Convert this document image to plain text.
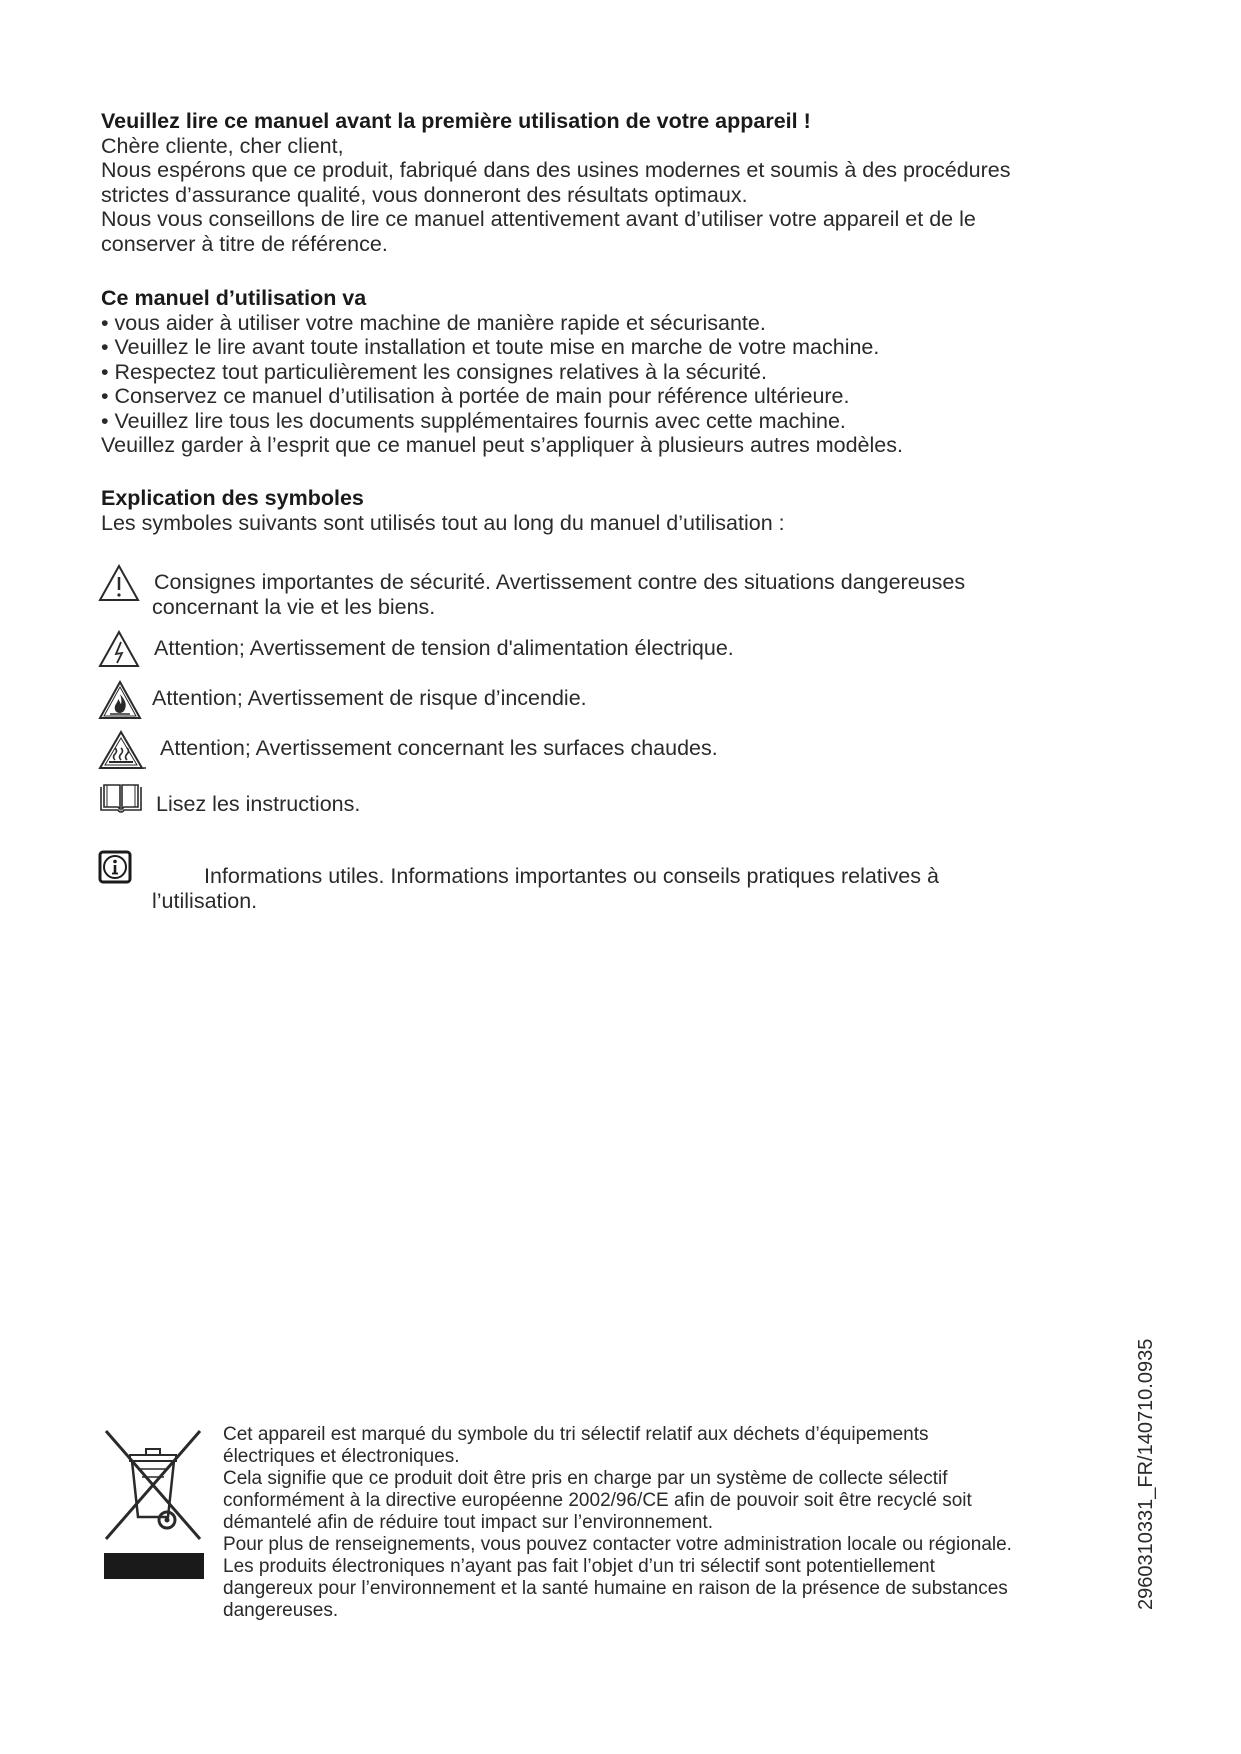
Veuillez lire ce manuel avant la première utilisation de votre appareil !
Chère cliente, cher client,
Nous espérons que ce produit, fabriqué dans des usines modernes et soumis à des procédures
strictes d’assurance qualité, vous donneront des résultats optimaux.
Nous vous conseillons de lire ce manuel attentivement avant d’utiliser votre appareil et de le
conserver à titre de référence.
Ce manuel d’utilisation va
• vous aider à utiliser votre machine de manière rapide et sécurisante.
• Veuillez le lire avant toute installation et toute mise en marche de votre machine.
• Respectez tout particulièrement les consignes relatives à la sécurité.
• Conservez ce manuel d’utilisation à portée de main pour référence ultérieure.
• Veuillez lire tous les documents supplémentaires fournis avec cette machine.
Veuillez garder à l’esprit que ce manuel peut s’appliquer à plusieurs autres modèles.
Explication des symboles
Les symboles suivants sont utilisés tout au long du manuel d’utilisation :
Consignes importantes de sécurité. Avertissement contre des situations dangereuses
concernant la vie et les biens.
Attention; Avertissement de tension d'alimentation électrique.
Attention; Avertissement de risque d’incendie.
Attention; Avertissement concernant les surfaces chaudes.
Lisez les instructions.
Informations utiles. Informations importantes ou conseils pratiques relatives à
l’utilisation.
Cet appareil est marqué du symbole du tri sélectif relatif aux déchets d’équipements
électriques et électroniques.
Cela signifie que ce produit doit être pris en charge par un système de collecte sélectif
conformément à la directive européenne 2002/96/CE afin de pouvoir soit être recyclé soit
démantelé afin de réduire tout impact sur l’environnement.
Pour plus de renseignements, vous pouvez contacter votre administration locale ou régionale.
Les produits électroniques n’ayant pas fait l’objet d’un tri sélectif sont potentiellement
dangereux pour l’environnement et la santé humaine en raison de la présence de substances
dangereuses.
2960310331_FR/140710.0935
